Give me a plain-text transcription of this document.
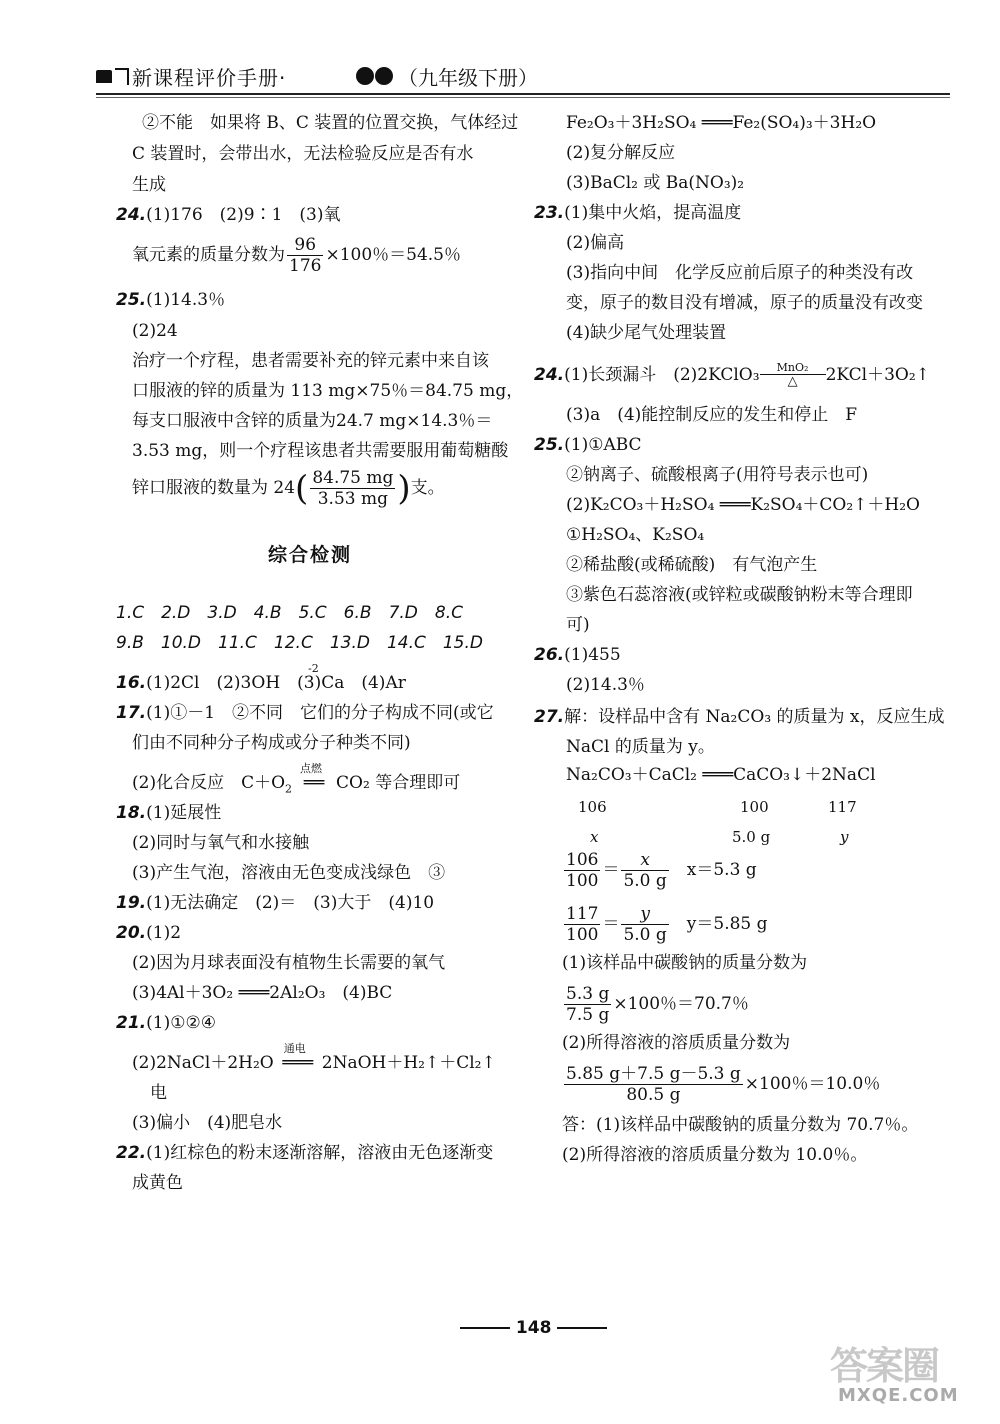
新课程评价手册·	（九年级下册）
②不能　如果将 B、C 装置的位置交换，气体经过
C 装置时，会带出水，无法检验反应是否有水
生成
24.(1)176　(2)9∶1　(3)氧
氧元素的质量分数为 $\frac{96}{176} \times 100$％＝54.5％
25.(1)14.3％
(2)24
治疗一个疗程，患者需要补充的锌元素中来自该
口服液的锌的质量为 113 mg×75％＝84.75 mg，
每支口服液中含锌的质量为24.7 mg×14.3％＝
3.53 mg，则一个疗程该患者共需要服用葡萄糖酸
锌口服液的数量为 $24( \frac{84.75 mg}{3.53 mg}$ )支。
综合检测
1.C　2.D　3.D　4.B　5.C　6.B　7.D　8.C
9.B　10.D　11.C　12.C　13.D　14.C　15.D
16.(1)2Cl　(2)3OH　(3)Ca　(4)Ar
-2
17.(1)①－1　②不同　它们的分子构成不同(或它
们由不同种分子构成或分子种类不同)
(2)化合反应　$C+O_2$
点燃
══ CO₂ 等合理即可
18.(1)延展性
(2)同时与氧气和水接触
(3)产生气泡，溶液由无色变成浅绿色　③
19.(1)无法确定　(2)＝　(3)大于　(4)10
20.(1)2
(2)因为月球表面没有植物生长需要的氧气
(3)4Al＋3O₂ ═══2Al₂O₃　(4)BC
21.(1)①②④
(2)2NaCl＋2H₂O
通电
═══ 2NaOH＋H₂↑＋Cl₂↑
电
(3)偏小　(4)肥皂水
22.(1)红棕色的粉末逐渐溶解，溶液由无色逐渐变
成黄色
Fe₂O₃＋3H₂SO₄ ═══Fe₂(SO₄)₃＋3H₂O
(2)复分解反应
(3)BaCl₂ 或 Ba(NO₃)₂
23.(1)集中火焰，提高温度
(2)偏高
(3)指向中间　化学反应前后原子的种类没有改
变，原子的数目没有增减，原子的质量没有改变
(4)缺少尾气处理装置
24.(1)长颈漏斗　(2)2KClO₃	MnO₂
△	2KCl＋3O₂↑
(3)a　(4)能控制反应的发生和停止　F
25.(1)①ABC
②钠离子、硫酸根离子(用符号表示也可)
(2)K₂CO₃＋H₂SO₄ ═══K₂SO₄＋CO₂↑＋H₂O
①H₂SO₄、K₂SO₄
②稀盐酸(或稀硫酸)　有气泡产生
③紫色石蕊溶液(或锌粒或碳酸钠粉末等合理即
可)
26.(1)455
(2)14.3％
27.解：设样品中含有 Na₂CO₃ 的质量为 x，反应生成
NaCl 的质量为 y。
Na₂CO₃＋CaCl₂ ═══CaCO₃↓＋2NaCl
106	100	117
x	5.0 g	y
$\frac{106}{100} = \frac{x}{5.0 g} x=5.3$ g
$\frac{117}{100} = \frac{y}{5.0 g} y=5.85$ g
(1)该样品中碳酸钠的质量分数为
$\frac{5.3 g}{7.5 g} \times 100$％＝70.7％
(2)所得溶液的溶质质量分数为
$\frac{5.85 g+7.5 g-5.3 g}{80.5 g} \times 100$％＝10.0％
答：(1)该样品中碳酸钠的质量分数为 70.7％。
(2)所得溶液的溶质质量分数为 10.0％。
148
答案圈
MXQE.COM
